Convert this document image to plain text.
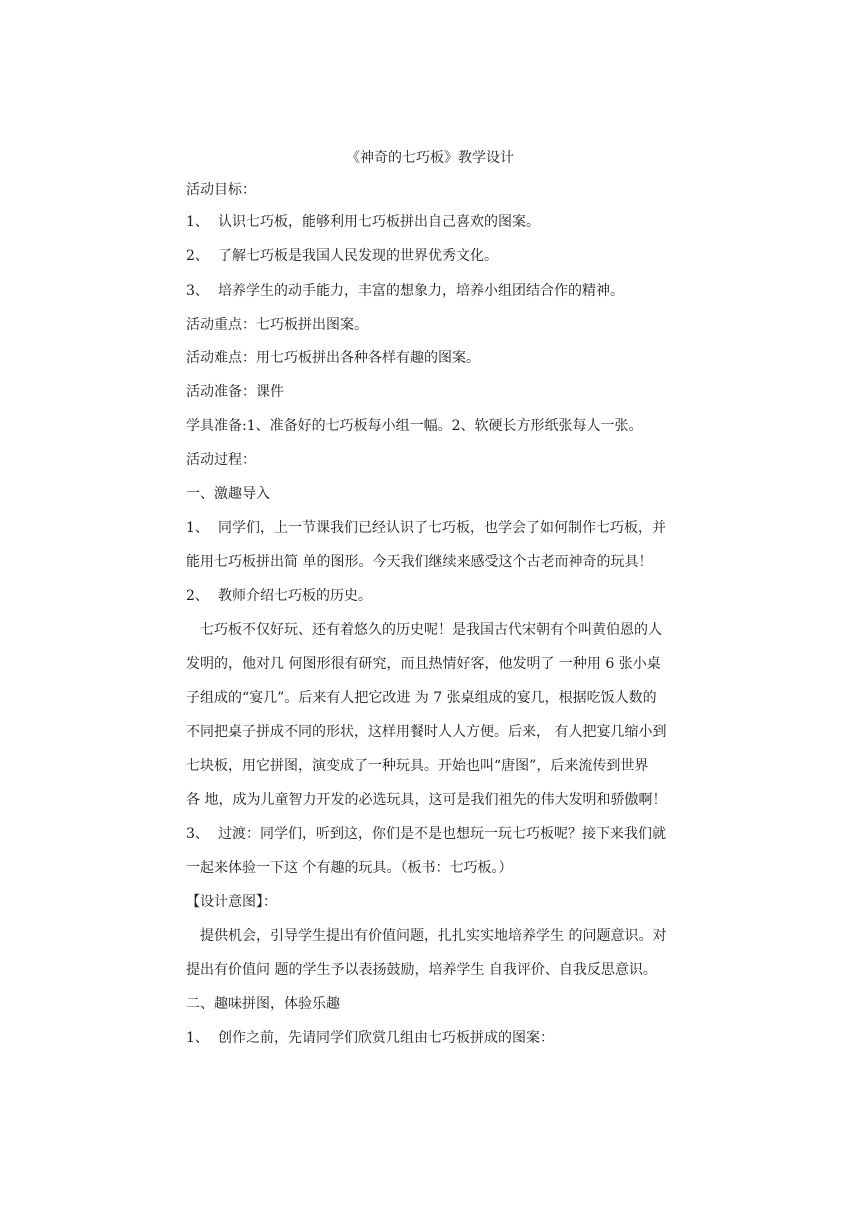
《神奇的七巧板》教学设计
活动目标：
1、 认识七巧板，能够利用七巧板拼出自己喜欢的图案。
2、 了解七巧板是我国人民发现的世界优秀文化。
3、 培养学生的动手能力，丰富的想象力，培养小组团结合作的精神。
活动重点：七巧板拼出图案。
活动难点：用七巧板拼出各种各样有趣的图案。
活动准备：课件
学具准备:1、准备好的七巧板每小组一幅。2、软硬长方形纸张每人一张。
活动过程：
一、激趣导入
1、 同学们，上一节课我们已经认识了七巧板，也学会了如何制作七巧板，并
能用七巧板拼出简 单的图形。今天我们继续来感受这个古老而神奇的玩具！
2、 教师介绍七巧板的历史。
七巧板不仅好玩、还有着悠久的历史呢！是我国古代宋朝有个叫黄伯恩的人
发明的，他对几 何图形很有研究，而且热情好客，他发明了 一种用 6 张小桌
子组成的“宴几”。后来有人把它改进 为 7 张桌组成的宴几，根据吃饭人数的
不同把桌子拼成不同的形状，这样用餐时人人方便。后来， 有人把宴几缩小到
七块板，用它拼图，演变成了一种玩具。开始也叫“唐图”，后来流传到世界
各 地，成为儿童智力开发的必选玩具，这可是我们祖先的伟大发明和骄傲啊！
3、 过渡：同学们，听到这，你们是不是也想玩一玩七巧板呢？接下来我们就
一起来体验一下这 个有趣的玩具。（板书：七巧板。）
【设计意图】：
提供机会，引导学生提出有价值问题，扎扎实实地培养学生 的问题意识。对
提出有价值问 题的学生予以表扬鼓励，培养学生 自我评价、自我反思意识。
二、趣味拼图，体验乐趣
1、 创作之前，先请同学们欣赏几组由七巧板拼成的图案：
